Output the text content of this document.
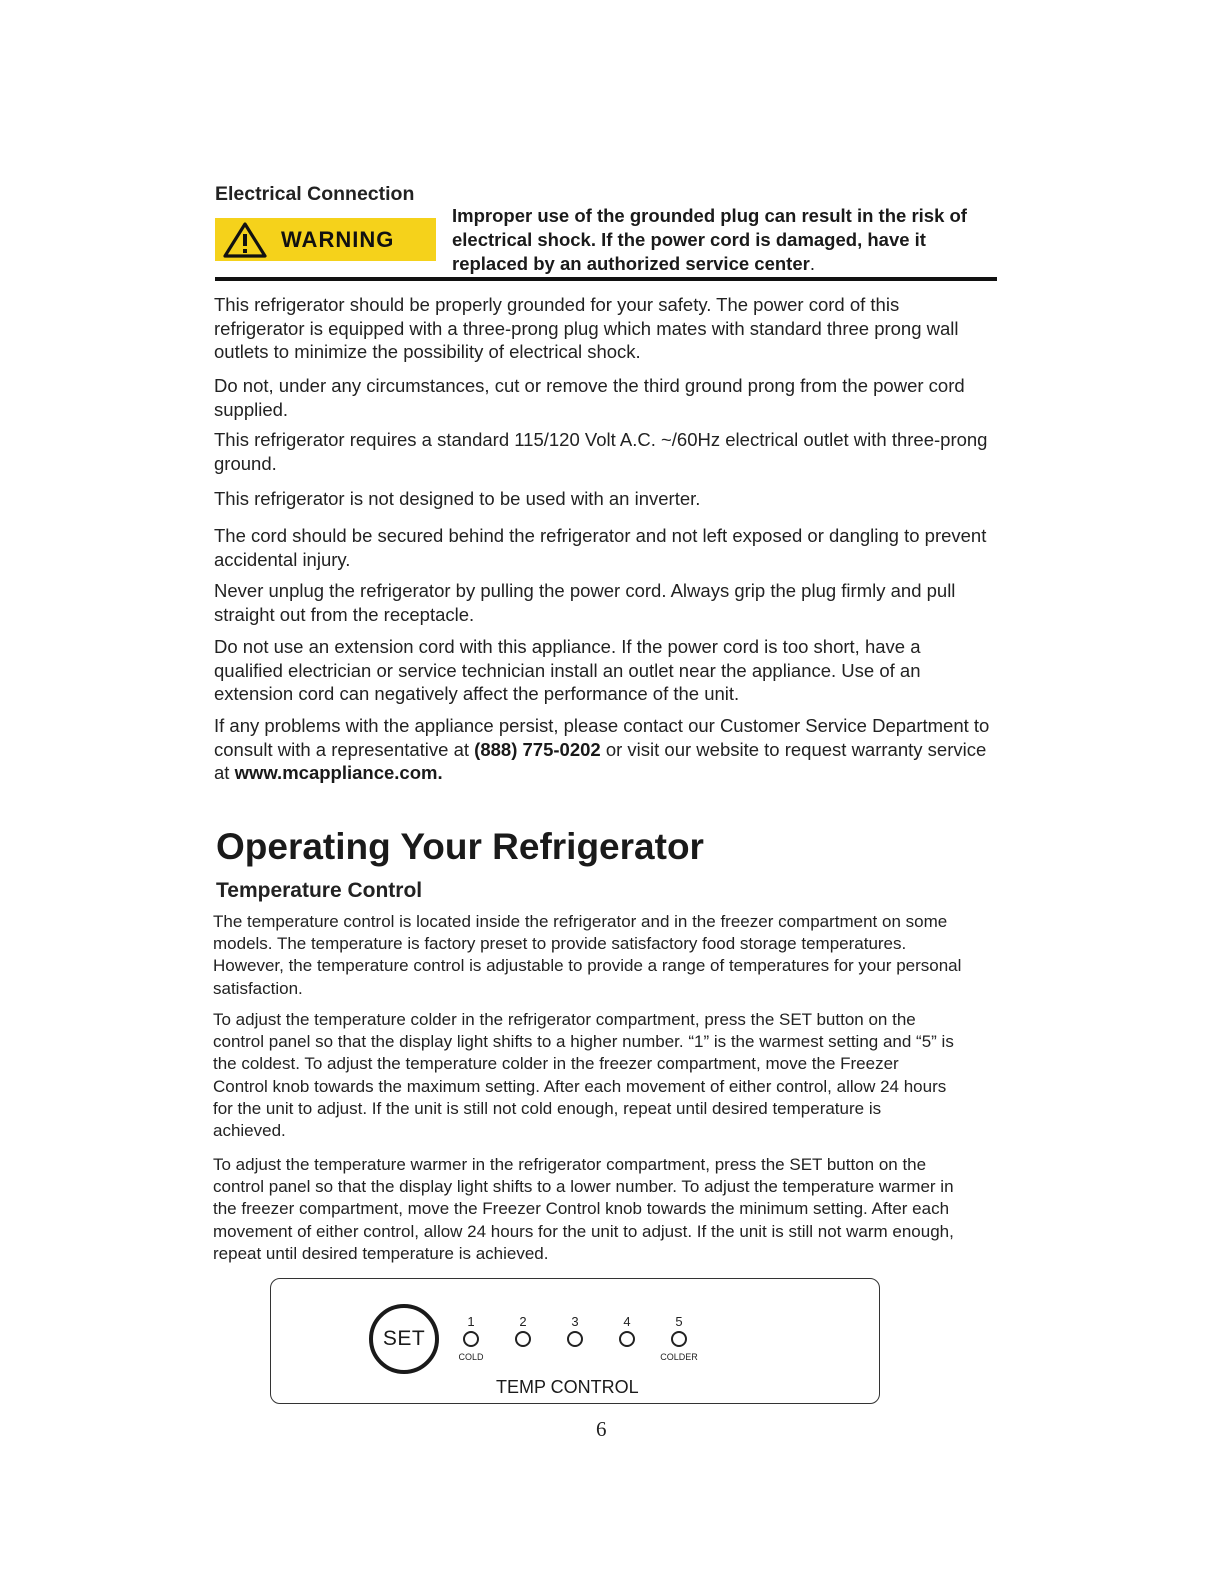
Electrical Connection
WARNING
Improper use of the grounded plug can result in the risk of electrical shock. If the power cord is damaged, have it replaced by an authorized service center.

This refrigerator should be properly grounded for your safety. The power cord of this refrigerator is equipped with a three-prong plug which mates with standard three prong wall outlets to minimize the possibility of electrical shock.

Do not, under any circumstances, cut or remove the third ground prong from the power cord supplied.

This refrigerator requires a standard 115/120 Volt A.C. ~/60Hz electrical outlet with three-prong ground.

This refrigerator is not designed to be used with an inverter.

The cord should be secured behind the refrigerator and not left exposed or dangling to prevent accidental injury.

Never unplug the refrigerator by pulling the power cord. Always grip the plug firmly and pull straight out from the receptacle.

Do not use an extension cord with this appliance. If the power cord is too short, have a qualified electrician or service technician install an outlet near the appliance. Use of an extension cord can negatively affect the performance of the unit.

If any problems with the appliance persist, please contact our Customer Service Department to consult with a representative at (888) 775-0202 or visit our website to request warranty service at www.mcappliance.com.

Operating Your Refrigerator
Temperature Control

The temperature control is located inside the refrigerator and in the freezer compartment on some models. The temperature is factory preset to provide satisfactory food storage temperatures. However, the temperature control is adjustable to provide a range of temperatures for your personal satisfaction.

To adjust the temperature colder in the refrigerator compartment, press the SET button on the control panel so that the display light shifts to a higher number. “1” is the warmest setting and “5” is the coldest. To adjust the temperature colder in the freezer compartment, move the Freezer Control knob towards the maximum setting. After each movement of either control, allow 24 hours for the unit to adjust. If the unit is still not cold enough, repeat until desired temperature is achieved.

To adjust the temperature warmer in the refrigerator compartment, press the SET button on the control panel so that the display light shifts to a lower number. To adjust the temperature warmer in the freezer compartment, move the Freezer Control knob towards the minimum setting. After each movement of either control, allow 24 hours for the unit to adjust. If the unit is still not warm enough, repeat until desired temperature is achieved.

SET
1	2	3	4	5
COLD	COLDER
TEMP CONTROL
6
